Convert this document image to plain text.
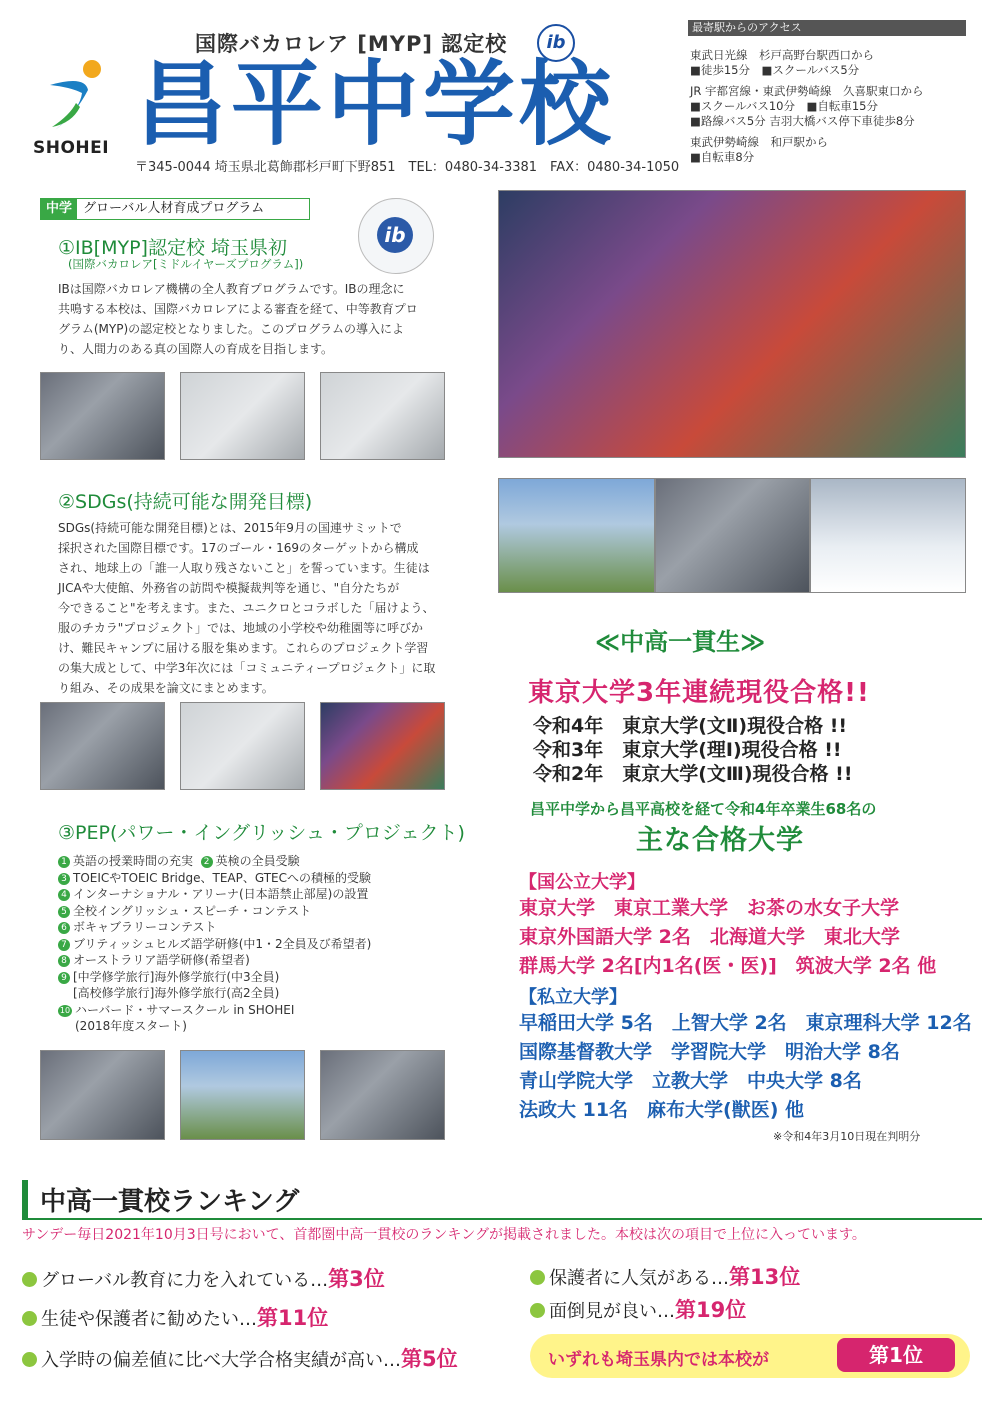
SHOHEI
国際バカロレア [MYP] 認定校	ib
昌平中学校
〒345-0044 埼玉県北葛飾郡杉戸町下野851　TEL：0480-34-3381　FAX：0480-34-1050
最寄駅からのアクセス
東武日光線　杉戸高野台駅西口から
■徒歩15分　■スクールバス5分
JR 宇都宮線・東武伊勢崎線　久喜駅東口から
■スクールバス10分　■自転車15分
■路線バス5分 吉羽大橋バス停下車徒歩8分
東武伊勢崎線　和戸駅から
■自転車8分
中学 グローバル人材育成プログラム
ib
①IB[MYP]認定校 埼玉県初
(国際バカロレア[ミドルイヤーズプログラム])
IBは国際バカロレア機構の全人教育プログラムです。IBの理念に
共鳴する本校は、国際バカロレアによる審査を経て、中等教育プロ
グラム(MYP)の認定校となりました。このプログラムの導入によ
り、人間力のある真の国際人の育成を目指します。
②SDGs(持続可能な開発目標)
SDGs(持続可能な開発目標)とは、2015年9月の国連サミットで
採択された国際目標です。17のゴール・169のターゲットから構成
され、地球上の「誰一人取り残さないこと」を誓っています。生徒は
JICAや大使館、外務省の訪問や模擬裁判等を通じ、"自分たちが
今できること"を考えます。また、ユニクロとコラボした「届けよう、
服のチカラ"プロジェクト」では、地域の小学校や幼稚園等に呼びか
け、難民キャンプに届ける服を集めます。これらのプロジェクト学習
の集大成として、中学3年次には「コミュニティープロジェクト」に取
り組み、その成果を論文にまとめます。
③PEP(パワー・イングリッシュ・プロジェクト)
1 英語の授業時間の充実 2 英検の全員受験
3 TOEICやTOEIC Bridge、TEAP、GTECへの積極的受験
4 インターナショナル・アリーナ(日本語禁止部屋)の設置
5 全校イングリッシュ・スピーチ・コンテスト
6 ボキャブラリーコンテスト
7 ブリティッシュヒルズ語学研修(中1・2全員及び希望者)
8 オーストラリア語学研修(希望者)
9 [中学修学旅行]海外修学旅行(中3全員)
[高校修学旅行]海外修学旅行(高2全員)
10 ハーバード・サマースクール in SHOHEI
(2018年度スタート)
≪中高一貫生≫
東京大学3年連続現役合格!!
令和4年　東京大学(文Ⅱ)現役合格 !!
令和3年　東京大学(理Ⅰ)現役合格 !!
令和2年　東京大学(文Ⅲ)現役合格 !!
昌平中学から昌平高校を経て令和4年卒業生68名の
主な合格大学
【国公立大学】
東京大学　東京工業大学　お茶の水女子大学
東京外国語大学 2名　北海道大学　東北大学
群馬大学 2名[内1名(医・医)]　筑波大学 2名 他
【私立大学】
早稲田大学 5名　上智大学 2名　東京理科大学 12名
国際基督教大学　学習院大学　明治大学 8名
青山学院大学　立教大学　中央大学 8名
法政大 11名　麻布大学(獣医) 他
※令和4年3月10日現在判明分
中高一貫校ランキング
サンデー毎日2021年10月3日号において、首都圏中高一貫校のランキングが掲載されました。本校は次の項目で上位に入っています。
グローバル教育に力を入れている…第3位
生徒や保護者に勧めたい…第11位
入学時の偏差値に比べ大学合格実績が高い…第5位
保護者に人気がある…第13位
面倒見が良い…第19位
いずれも埼玉県内では本校が	第1位
